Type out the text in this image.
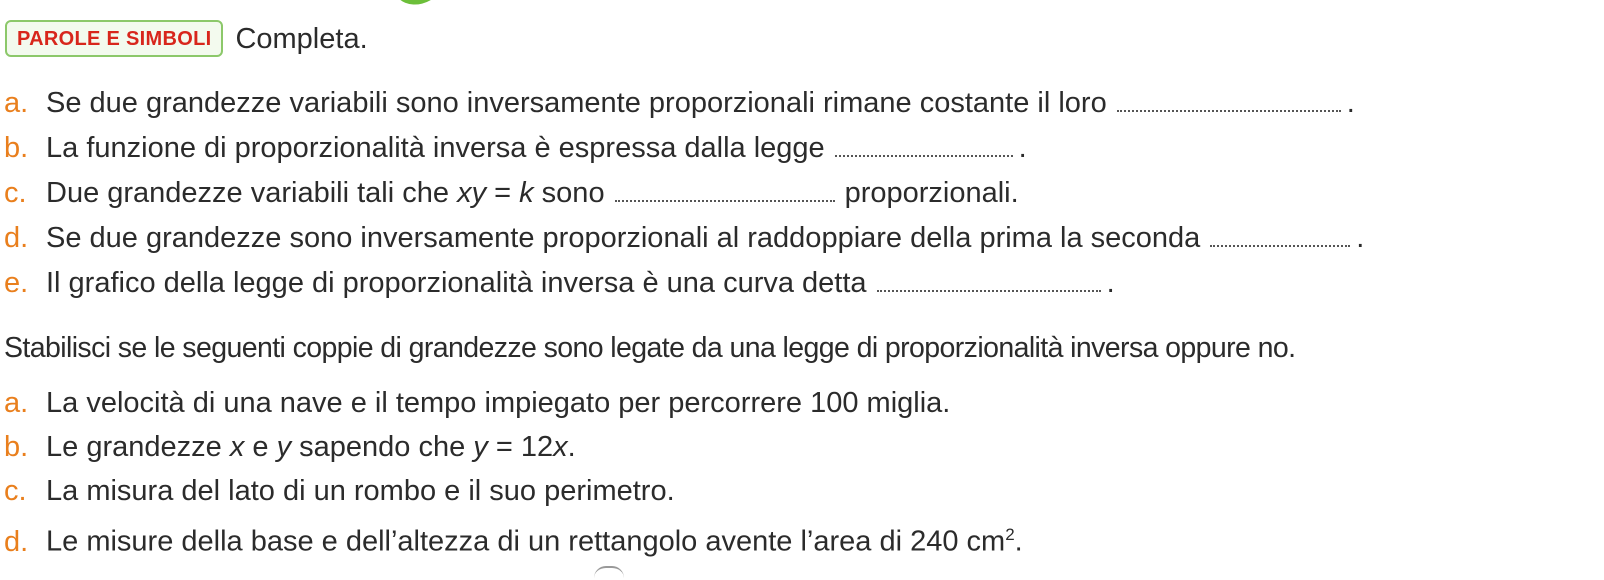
PAROLE E SIMBOLI Completa.
a. Se due grandezze variabili sono inversamente proporzionali rimane costante il loro	.
b. La funzione di proporzionalità inversa è espressa dalla legge	.
c. Due grandezze variabili tali che xy = k sono	proporzionali.
d. Se due grandezze sono inversamente proporzionali al raddoppiare della prima la seconda	.
e. Il grafico della legge di proporzionalità inversa è una curva detta	.
Stabilisci se le seguenti coppie di grandezze sono legate da una legge di proporzionalità inversa oppure no.
a. La velocità di una nave e il tempo impiegato per percorrere 100 miglia.
b. Le grandezze x e y sapendo che y = 12x.
c. La misura del lato di un rombo e il suo perimetro.
d. Le misure della base e dell’altezza di un rettangolo avente l’area di 240 $cm^2$.
